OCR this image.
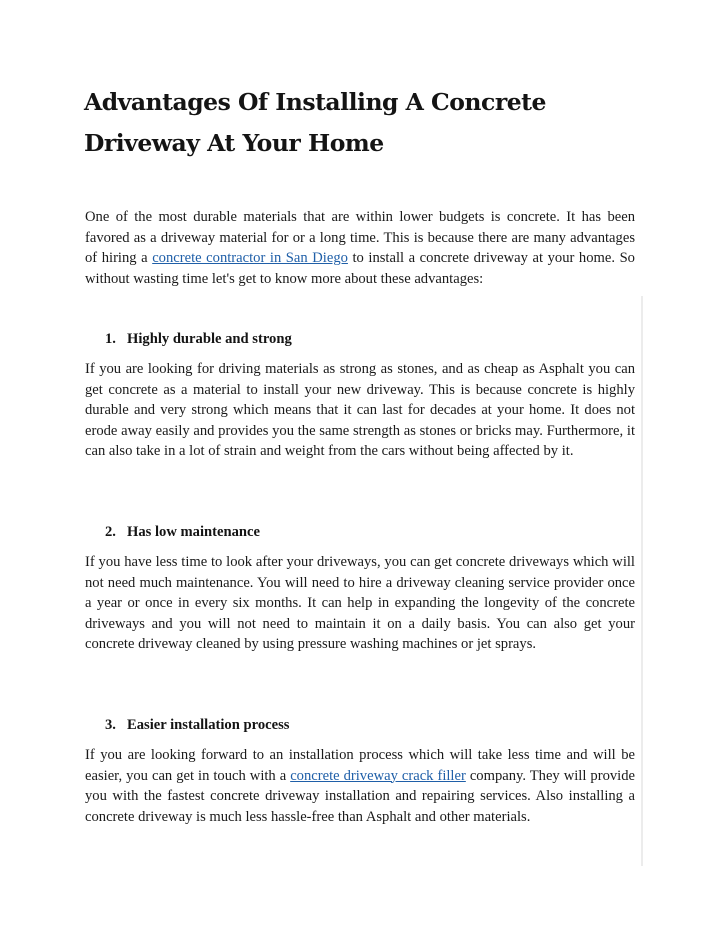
Advantages Of Installing A Concrete Driveway At Your Home

One of the most durable materials that are within lower budgets is concrete. It has been favored as a driveway material for or a long time. This is because there are many advantages of hiring a concrete contractor in San Diego to install a concrete driveway at your home. So without wasting time let's get to know more about these advantages:

1. Highly durable and strong

If you are looking for driving materials as strong as stones, and as cheap as Asphalt you can get concrete as a material to install your new driveway. This is because concrete is highly durable and very strong which means that it can last for decades at your home. It does not erode away easily and provides you the same strength as stones or bricks may. Furthermore, it can also take in a lot of strain and weight from the cars without being affected by it.

2. Has low maintenance

If you have less time to look after your driveways, you can get concrete driveways which will not need much maintenance. You will need to hire a driveway cleaning service provider once a year or once in every six months. It can help in expanding the longevity of the concrete driveways and you will not need to maintain it on a daily basis. You can also get your concrete driveway cleaned by using pressure washing machines or jet sprays.

3. Easier installation process

If you are looking forward to an installation process which will take less time and will be easier, you can get in touch with a concrete driveway crack filler company. They will provide you with the fastest concrete driveway installation and repairing services. Also installing a concrete driveway is much less hassle-free than Asphalt and other materials.
